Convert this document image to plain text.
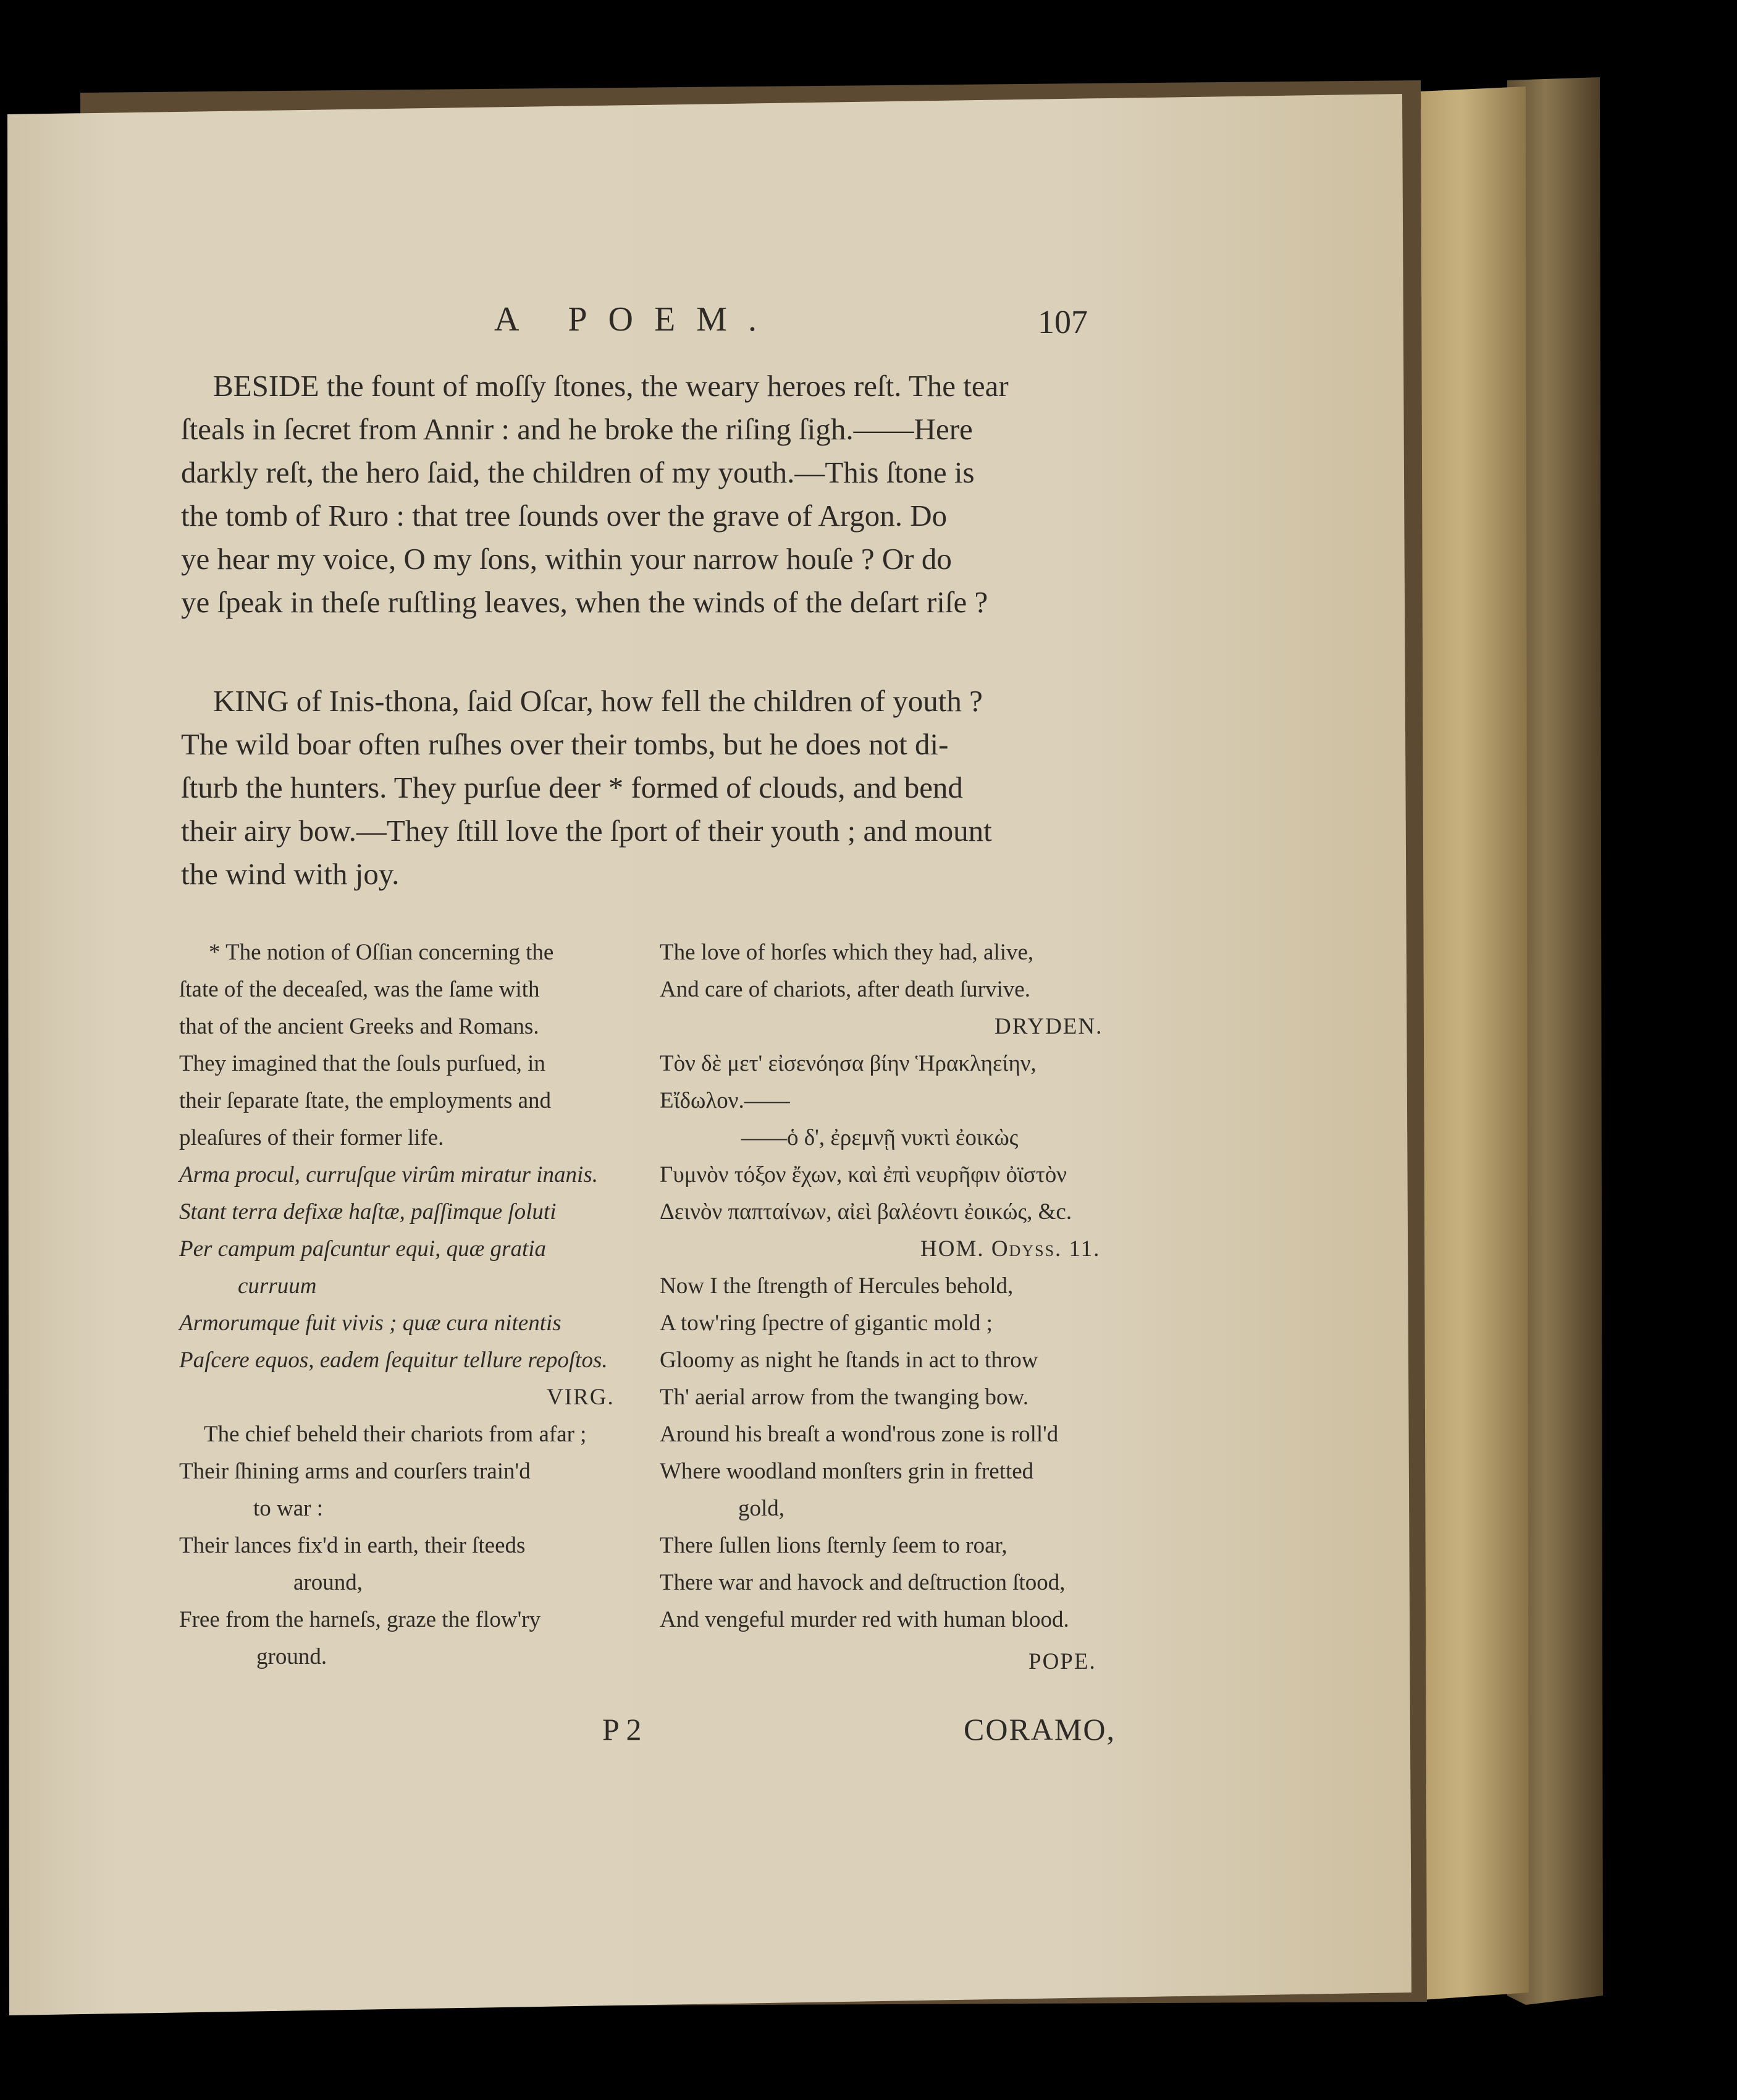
A POEM.	107
BESIDE the fount of moſſy ſtones, the weary heroes reſt. The tear
ſteals in ſecret from Annir : and he broke the riſing ſigh.——Here
darkly reſt, the hero ſaid, the children of my youth.—This ſtone is
the tomb of Ruro : that tree ſounds over the grave of Argon. Do
ye hear my voice, O my ſons, within your narrow houſe ? Or do
ye ſpeak in theſe ruſtling leaves, when the winds of the deſart riſe ?
KING of Inis-thona, ſaid Oſcar, how fell the children of youth ?
The wild boar often ruſhes over their tombs, but he does not di-
ſturb the hunters. They purſue deer * formed of clouds, and bend
their airy bow.—They ſtill love the ſport of their youth ; and mount
the wind with joy.
* The notion of Oſſian concerning the
ſtate of the deceaſed, was the ſame with
that of the ancient Greeks and Romans.
They imagined that the ſouls purſued, in
their ſeparate ſtate, the employments and
pleaſures of their former life.
Arma procul, curruſque virûm miratur inanis.
Stant terra defixæ haſtæ, paſſimque ſoluti
Per campum paſcuntur equi, quæ gratia
curruum
Armorumque fuit vivis ; quæ cura nitentis
Paſcere equos, eadem ſequitur tellure repoſtos.
VIRG.
The chief beheld their chariots from afar ;
Their ſhining arms and courſers train'd
to war :
Their lances fix'd in earth, their ſteeds
around,
Free from the harneſs, graze the flow'ry
ground.
The love of horſes which they had, alive,
And care of chariots, after death ſurvive.
DRYDEN.
Τὸν δὲ μετ' εἰσενόησα βίην Ἡρακληείην,
Εἴδωλον.——
——ὁ δ', ἐρεμνῇ νυκτὶ ἐοικὼς
Γυμνὸν τόξον ἔχων, καὶ ἐπὶ νευρῆφιν ὀϊστὸν
Δεινὸν παπταίνων, αἰεὶ βαλέοντι ἐοικώς, &c.
HOM. Odyſſ. 11.
Now I the ſtrength of Hercules behold,
A tow'ring ſpectre of gigantic mold ;
Gloomy as night he ſtands in act to throw
Th' aerial arrow from the twanging bow.
Around his breaſt a wond'rous zone is roll'd
Where woodland monſters grin in fretted
gold,
There ſullen lions ſternly ſeem to roar,
There war and havock and deſtruction ſtood,
And vengeful murder red with human blood.
POPE.
P 2	CORAMO,
